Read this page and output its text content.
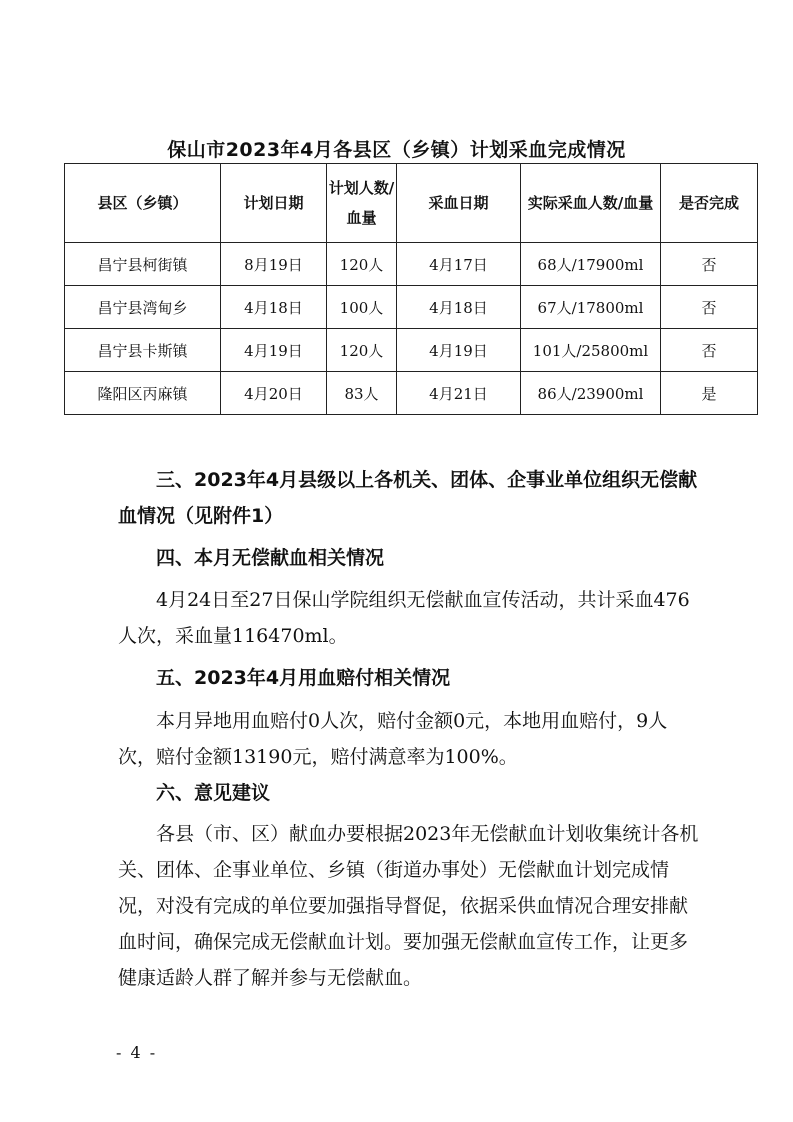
保山市2023年4月各县区（乡镇）计划采血完成情况
县区（乡镇）	计划日期	计划人数/血量	采血日期	实际采血人数/血量	是否完成
昌宁县柯街镇	8月19日	120人	4月17日	68人/17900ml	否
昌宁县湾甸乡	4月18日	100人	4月18日	67人/17800ml	否
昌宁县卡斯镇	4月19日	120人	4月19日	101人/25800ml	否
隆阳区丙麻镇	4月20日	83人	4月21日	86人/23900ml	是
三、2023年4月县级以上各机关、团体、企事业单位组织无偿献血情况（见附件1）
四、本月无偿献血相关情况
4月24日至27日保山学院组织无偿献血宣传活动，共计采血476人次，采血量116470ml。
五、2023年4月用血赔付相关情况
本月异地用血赔付0人次，赔付金额0元，本地用血赔付，9人次，赔付金额13190元，赔付满意率为100%。
六、意见建议
各县（市、区）献血办要根据2023年无偿献血计划收集统计各机关、团体、企事业单位、乡镇（街道办事处）无偿献血计划完成情况，对没有完成的单位要加强指导督促，依据采供血情况合理安排献血时间，确保完成无偿献血计划。要加强无偿献血宣传工作，让更多健康适龄人群了解并参与无偿献血。
- 4 -
